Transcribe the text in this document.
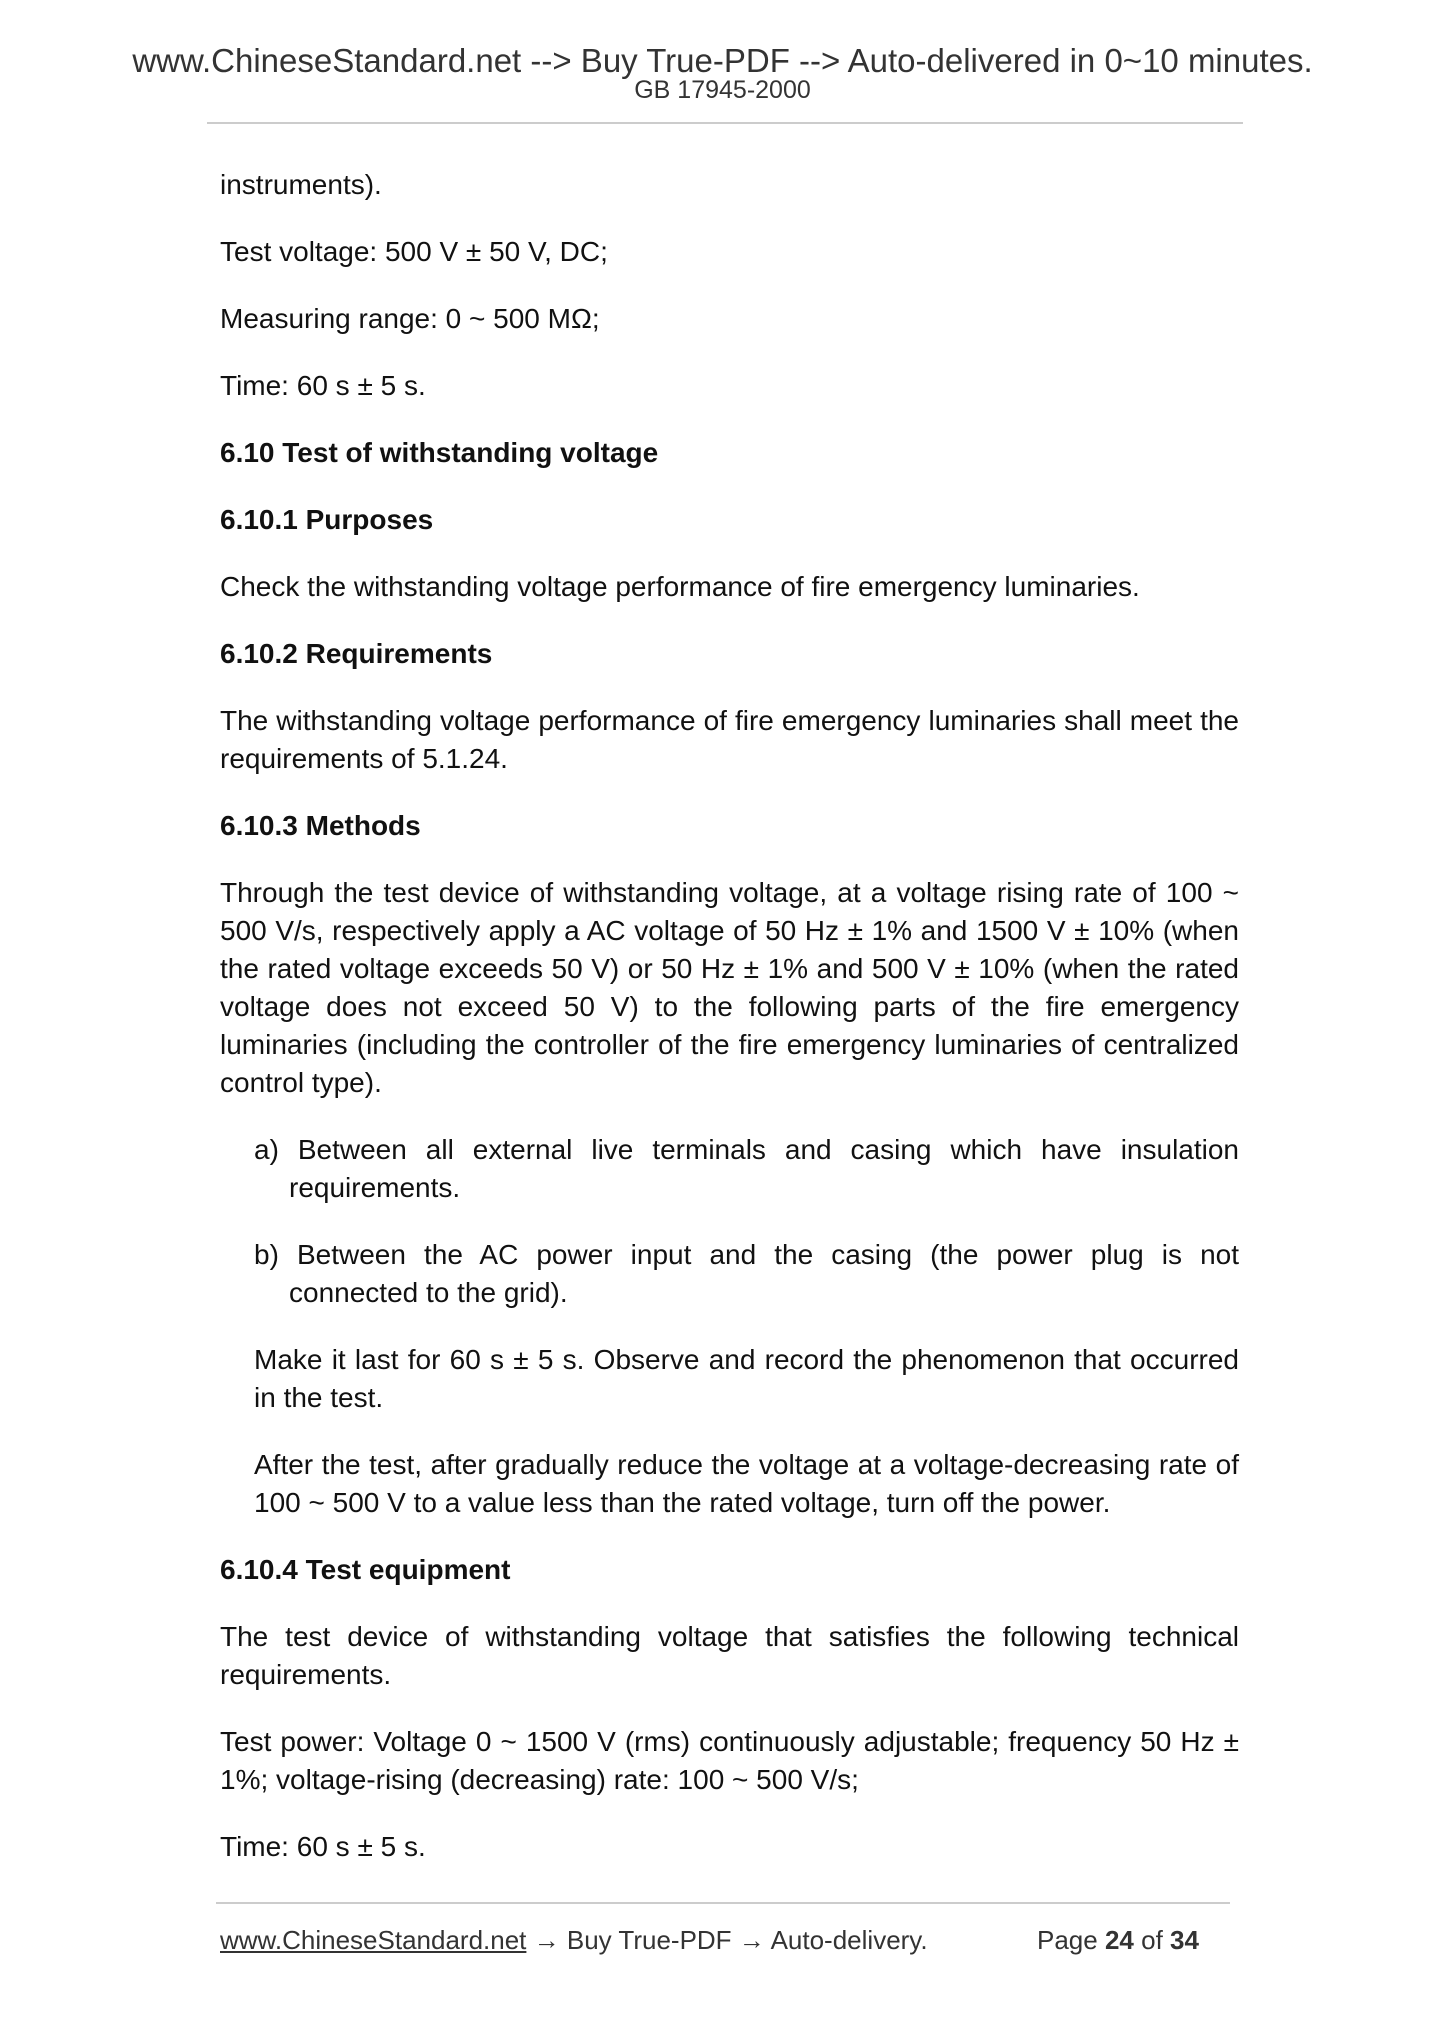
www.ChineseStandard.net --> Buy True-PDF --> Auto-delivered in 0~10 minutes.
GB 17945-2000

instruments).

Test voltage: 500 V ± 50 V, DC;

Measuring range: 0 ~ 500 MΩ;

Time: 60 s ± 5 s.

6.10 Test of withstanding voltage

6.10.1 Purposes

Check the withstanding voltage performance of fire emergency luminaries.

6.10.2 Requirements

The withstanding voltage performance of fire emergency luminaries shall meet the requirements of 5.1.24.

6.10.3 Methods

Through the test device of withstanding voltage, at a voltage rising rate of 100 ~ 500 V/s, respectively apply a AC voltage of 50 Hz ± 1% and 1500 V ± 10% (when the rated voltage exceeds 50 V) or 50 Hz ± 1% and 500 V ± 10% (when the rated voltage does not exceed 50 V) to the following parts of the fire emergency luminaries (including the controller of the fire emergency luminaries of centralized control type).

a) Between all external live terminals and casing which have insulation requirements.

b) Between the AC power input and the casing (the power plug is not connected to the grid).

Make it last for 60 s ± 5 s. Observe and record the phenomenon that occurred in the test.

After the test, after gradually reduce the voltage at a voltage-decreasing rate of 100 ~ 500 V to a value less than the rated voltage, turn off the power.

6.10.4 Test equipment

The test device of withstanding voltage that satisfies the following technical requirements.

Test power: Voltage 0 ~ 1500 V (rms) continuously adjustable; frequency 50 Hz ± 1%; voltage-rising (decreasing) rate: 100 ~ 500 V/s;

Time: 60 s ± 5 s.

www.ChineseStandard.net → Buy True-PDF → Auto-delivery.	Page 24 of 34
